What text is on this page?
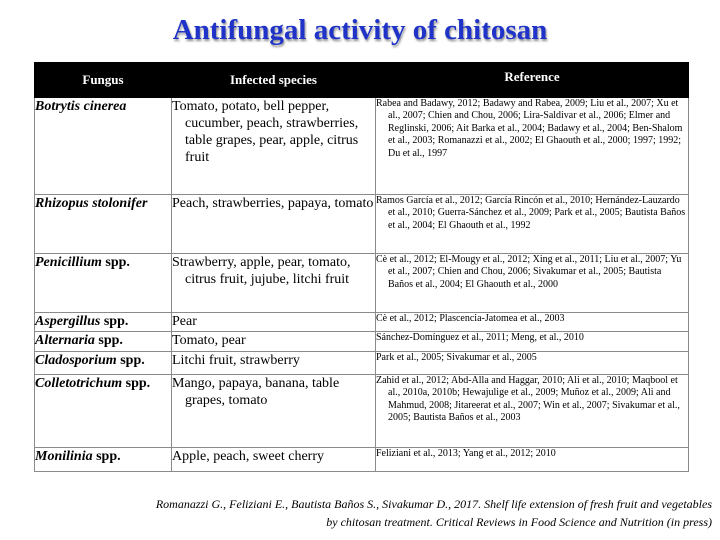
Antifungal activity of chitosan
Fungus	Infected species	Reference

Botrytis cinerea	Tomato, potato, bell pepper, cucumber, peach, strawberries, table grapes, pear, apple, citrus fruit	Rabea and Badawy, 2012; Badawy and Rabea, 2009; Liu et al., 2007; Xu et al., 2007; Chien and Chou, 2006; Lira-Saldivar et al., 2006; Elmer and Reglinski, 2006; Ait Barka et al., 2004; Badawy et al., 2004; Ben-Shalom et al., 2003; Romanazzi et al., 2002; El Ghaouth et al., 2000; 1997; 1992; Du et al., 1997

Rhizopus stolonifer	Peach, strawberries, papaya, tomato	Ramos García et al., 2012; García Rincón et al., 2010; Hernández-Lauzardo et al., 2010; Guerra-Sánchez et al., 2009; Park et al., 2005; Bautista Baños et al., 2004; El Ghaouth et al., 1992

Penicillium spp.	Strawberry, apple, pear, tomato, citrus fruit, jujube, litchi fruit	Cè et al., 2012; El-Mougy et al., 2012; Xing et al., 2011; Liu et al., 2007; Yu et al., 2007; Chien and Chou, 2006; Sivakumar et al., 2005; Bautista Baños et al., 2004; El Ghaouth et al., 2000

Aspergillus spp.	Pear	Cè et al., 2012; Plascencia-Jatomea et al., 2003

Alternaria spp.	Tomato, pear	Sánchez-Domínguez et al., 2011; Meng, et al., 2010

Cladosporium spp.	Litchi fruit, strawberry	Park et al., 2005; Sivakumar et al., 2005

Colletotrichum spp.	Mango, papaya, banana, table grapes, tomato	Zahid et al., 2012; Abd-Alla and Haggar, 2010; Ali et al., 2010; Maqbool et al., 2010a, 2010b; Hewajulige et al., 2009; Muñoz et al., 2009; Ali and Mahmud, 2008; Jitareerat et al., 2007; Win et al., 2007; Sivakumar et al., 2005; Bautista Baños et al., 2003

Monilinia spp.	Apple, peach, sweet cherry	Feliziani et al., 2013; Yang et al., 2012; 2010
Romanazzi G., Feliziani E., Bautista Baños S., Sivakumar D., 2017. Shelf life extension of fresh fruit and vegetables
by chitosan treatment. Critical Reviews in Food Science and Nutrition (in press)
